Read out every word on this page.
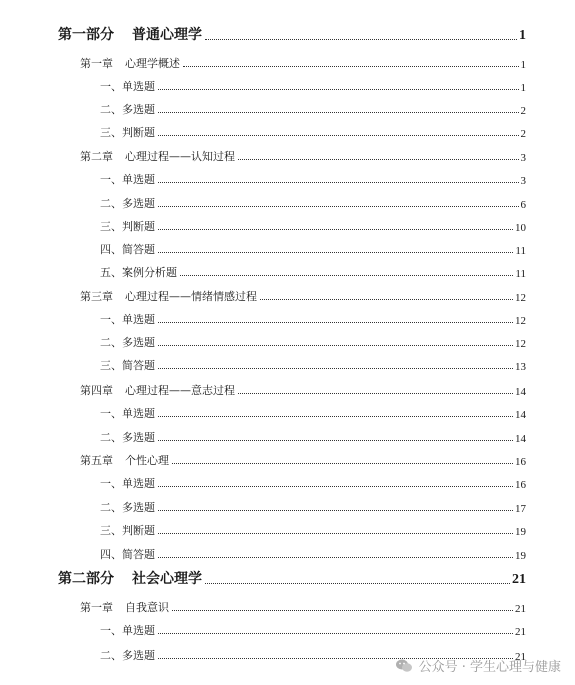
第一部分 普通心理学	1
第一章 心理学概述	1
一、单选题	1
二、多选题	2
三、判断题	2
第二章 心理过程——认知过程	3
一、单选题	3
二、多选题	6
三、判断题	10
四、简答题	11
五、案例分析题	11
第三章 心理过程——情绪情感过程	12
一、单选题	12
二、多选题	12
三、简答题	13
第四章 心理过程——意志过程	14
一、单选题	14
二、多选题	14
第五章 个性心理	16
一、单选题	16
二、多选题	17
三、判断题	19
四、简答题	19
第二部分 社会心理学	21
第一章 自我意识	21
一、单选题	21
二、多选题	21
公众号 · 学生心理与健康
